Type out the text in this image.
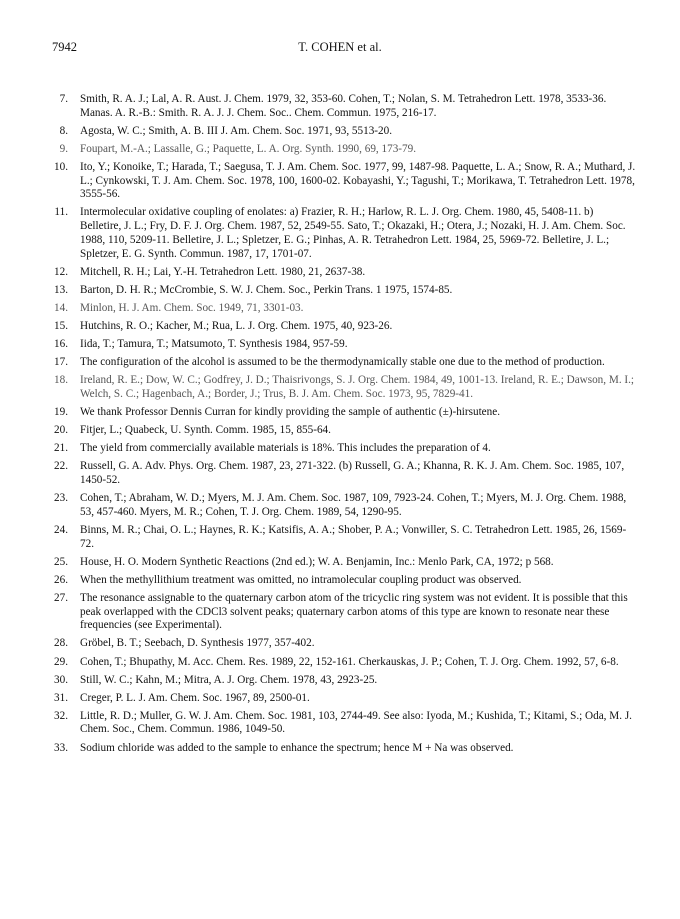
7942	T. COHEN et al.
7. Smith, R. A. J.; Lal, A. R. Aust. J. Chem. 1979, 32, 353-60. Cohen, T.; Nolan, S. M. Tetrahedron Lett. 1978, 3533-36. Manas. A. R.-B.: Smith. R. A. J. J. Chem. Soc.. Chem. Commun. 1975, 216-17.
8. Agosta, W. C.; Smith, A. B. III J. Am. Chem. Soc. 1971, 93, 5513-20.
9. Foupart, M.-A.; Lassalle, G.; Paquette, L. A. Org. Synth. 1990, 69, 173-79.
10. Ito, Y.; Konoike, T.; Harada, T.; Saegusa, T. J. Am. Chem. Soc. 1977, 99, 1487-98. Paquette, L. A.; Snow, R. A.; Muthard, J. L.; Cynkowski, T. J. Am. Chem. Soc. 1978, 100, 1600-02. Kobayashi, Y.; Tagushi, T.; Morikawa, T. Tetrahedron Lett. 1978, 3555-56.
11. Intermolecular oxidative coupling of enolates: a) Frazier, R. H.; Harlow, R. L. J. Org. Chem. 1980, 45, 5408-11. b) Belletire, J. L.; Fry, D. F. J. Org. Chem. 1987, 52, 2549-55. Sato, T.; Okazaki, H.; Otera, J.; Nozaki, H. J. Am. Chem. Soc. 1988, 110, 5209-11. Belletire, J. L.; Spletzer, E. G.; Pinhas, A. R. Tetrahedron Lett. 1984, 25, 5969-72. Belletire, J. L.; Spletzer, E. G. Synth. Commun. 1987, 17, 1701-07.
12. Mitchell, R. H.; Lai, Y.-H. Tetrahedron Lett. 1980, 21, 2637-38.
13. Barton, D. H. R.; McCrombie, S. W. J. Chem. Soc., Perkin Trans. 1 1975, 1574-85.
14. Minlon, H. J. Am. Chem. Soc. 1949, 71, 3301-03.
15. Hutchins, R. O.; Kacher, M.; Rua, L. J. Org. Chem. 1975, 40, 923-26.
16. Iida, T.; Tamura, T.; Matsumoto, T. Synthesis 1984, 957-59.
17. The configuration of the alcohol is assumed to be the thermodynamically stable one due to the method of production.
18. Ireland, R. E.; Dow, W. C.; Godfrey, J. D.; Thaisrivongs, S. J. Org. Chem. 1984, 49, 1001-13. Ireland, R. E.; Dawson, M. I.; Welch, S. C.; Hagenbach, A.; Border, J.; Trus, B. J. Am. Chem. Soc. 1973, 95, 7829-41.
19. We thank Professor Dennis Curran for kindly providing the sample of authentic (±)-hirsutene.
20. Fitjer, L.; Quabeck, U. Synth. Comm. 1985, 15, 855-64.
21. The yield from commercially available materials is 18%. This includes the preparation of 4.
22. Russell, G. A. Adv. Phys. Org. Chem. 1987, 23, 271-322. (b) Russell, G. A.; Khanna, R. K. J. Am. Chem. Soc. 1985, 107, 1450-52.
23. Cohen, T.; Abraham, W. D.; Myers, M. J. Am. Chem. Soc. 1987, 109, 7923-24. Cohen, T.; Myers, M. J. Org. Chem. 1988, 53, 457-460. Myers, M. R.; Cohen, T. J. Org. Chem. 1989, 54, 1290-95.
24. Binns, M. R.; Chai, O. L.; Haynes, R. K.; Katsifis, A. A.; Shober, P. A.; Vonwiller, S. C. Tetrahedron Lett. 1985, 26, 1569-72.
25. House, H. O. Modern Synthetic Reactions (2nd ed.); W. A. Benjamin, Inc.: Menlo Park, CA, 1972; p 568.
26. When the methyllithium treatment was omitted, no intramolecular coupling product was observed.
27. The resonance assignable to the quaternary carbon atom of the tricyclic ring system was not evident. It is possible that this peak overlapped with the CDCl3 solvent peaks; quaternary carbon atoms of this type are known to resonate near these frequencies (see Experimental).
28. Gröbel, B. T.; Seebach, D. Synthesis 1977, 357-402.
29. Cohen, T.; Bhupathy, M. Acc. Chem. Res. 1989, 22, 152-161. Cherkauskas, J. P.; Cohen, T. J. Org. Chem. 1992, 57, 6-8.
30. Still, W. C.; Kahn, M.; Mitra, A. J. Org. Chem. 1978, 43, 2923-25.
31. Creger, P. L. J. Am. Chem. Soc. 1967, 89, 2500-01.
32. Little, R. D.; Muller, G. W. J. Am. Chem. Soc. 1981, 103, 2744-49. See also: Iyoda, M.; Kushida, T.; Kitami, S.; Oda, M. J. Chem. Soc., Chem. Commun. 1986, 1049-50.
33. Sodium chloride was added to the sample to enhance the spectrum; hence M + Na was observed.
